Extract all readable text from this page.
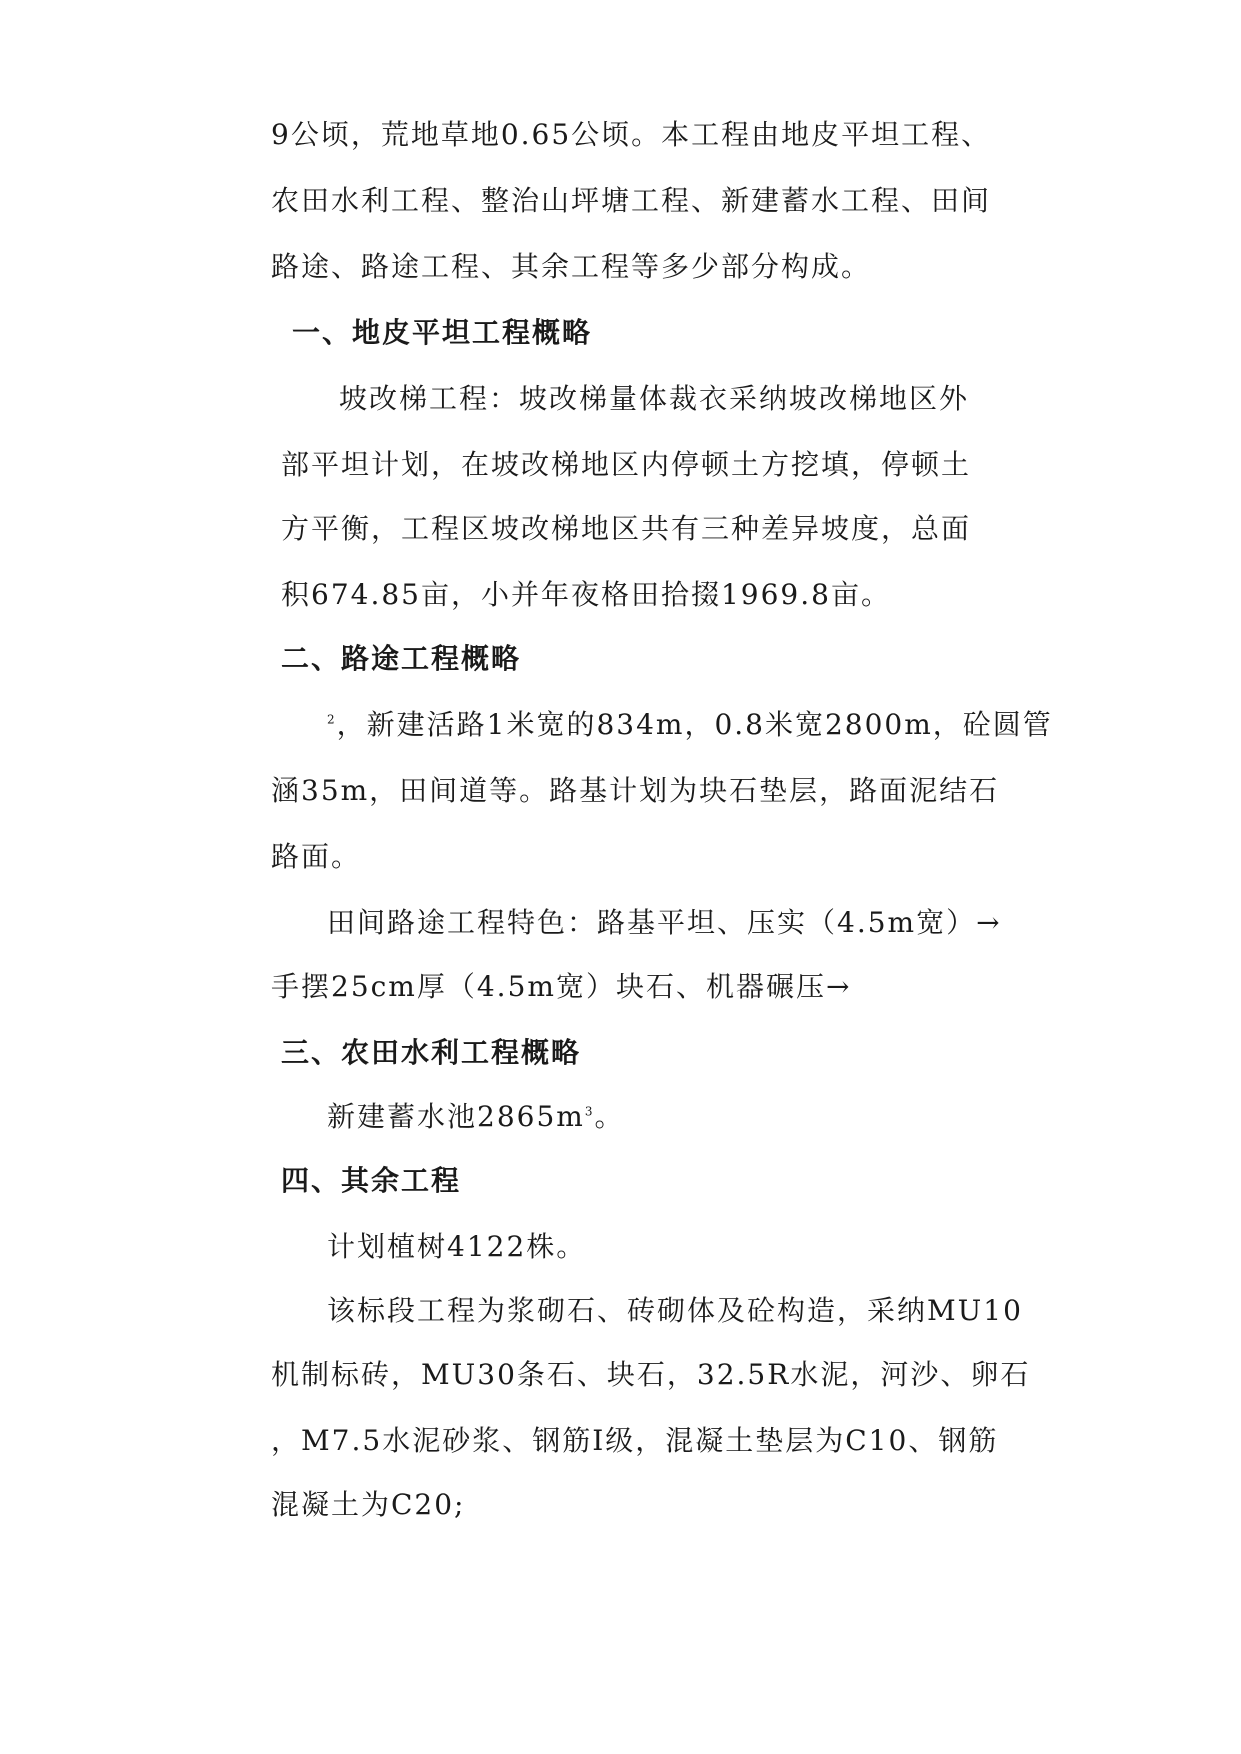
9公顷，荒地草地0.65公顷。本工程由地皮平坦工程、
农田水利工程、整治山坪塘工程、新建蓄水工程、田间
路途、路途工程、其余工程等多少部分构成。
一、地皮平坦工程概略
坡改梯工程：坡改梯量体裁衣采纳坡改梯地区外
部平坦计划，在坡改梯地区内停顿土方挖填，停顿土
方平衡，工程区坡改梯地区共有三种差异坡度，总面
积674.85亩，小并年夜格田拾掇1969.8亩。
二、路途工程概略
$^2$，新建活路1米宽的834m，0.8米宽2800m，砼圆管
涵35m，田间道等。路基计划为块石垫层，路面泥结石
路面。
田间路途工程特色：路基平坦、压实（4.5m宽）→
手摆25cm厚（4.5m宽）块石、机器碾压→
三、农田水利工程概略
新建蓄水池$2865m^3$。
四、其余工程
计划植树4122株。
该标段工程为浆砌石、砖砌体及砼构造，采纳MU10
机制标砖，MU30条石、块石，32.5R水泥，河沙、卵石
，M7.5水泥砂浆、钢筋Ⅰ级，混凝土垫层为C10、钢筋
混凝土为C20;
